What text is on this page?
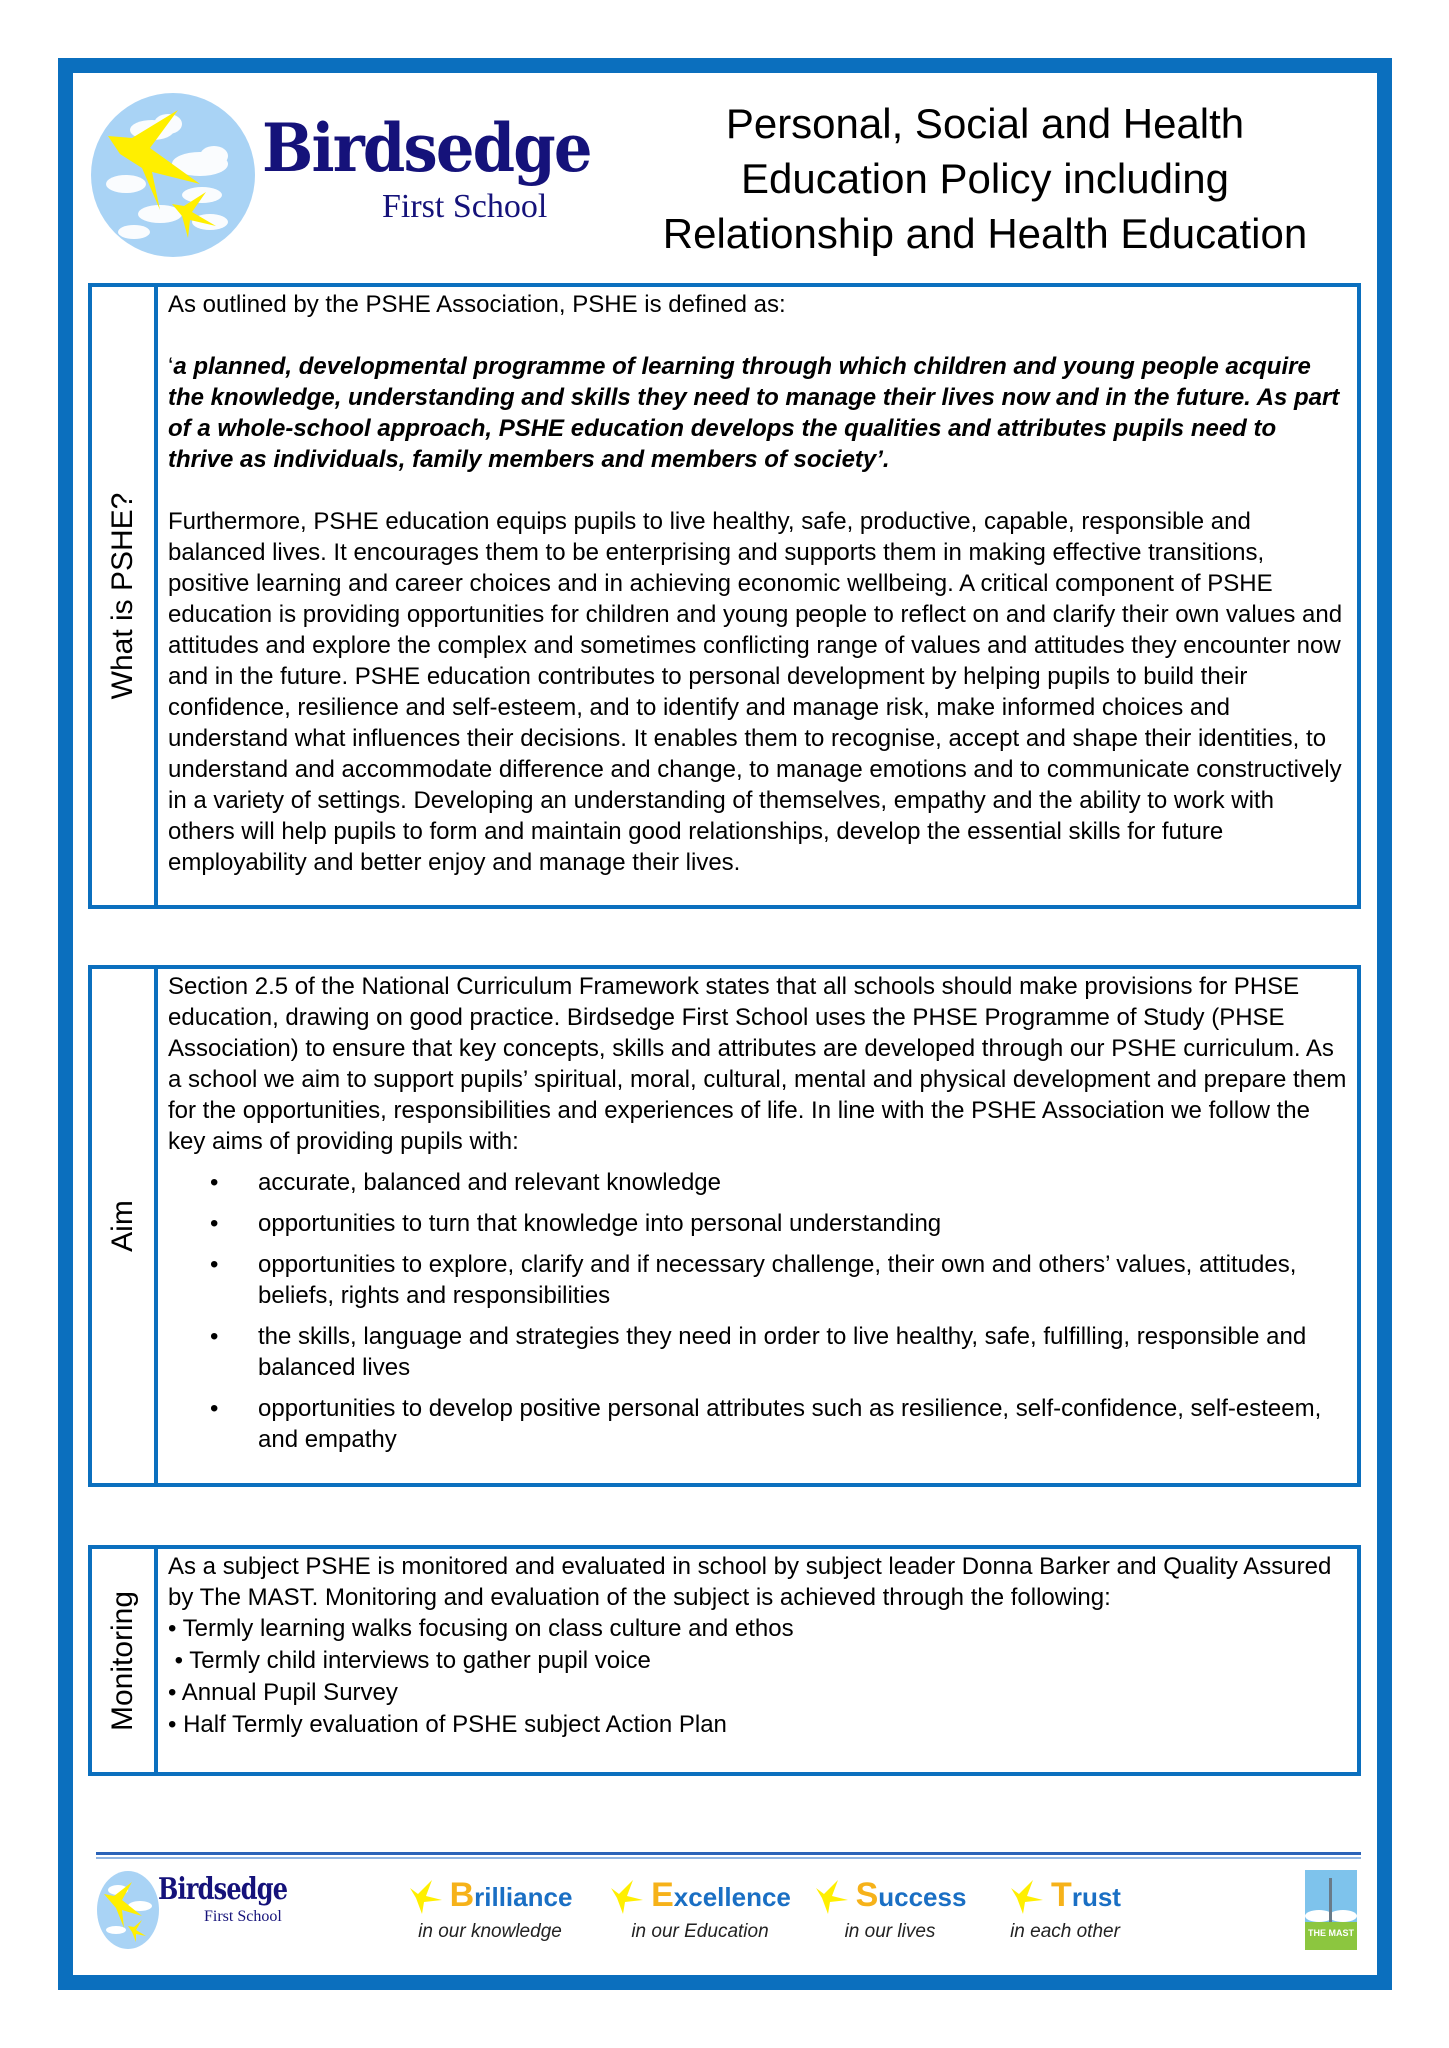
Birdsedge
First School
Personal, Social and Health
Education Policy including
Relationship and Health Education
What is PSHE?

As outlined by the PSHE Association, PSHE is defined as:

‘a planned, developmental programme of learning through which children and young people acquire the knowledge, understanding and skills they need to manage their lives now and in the future. As part of a whole-school approach, PSHE education develops the qualities and attributes pupils need to thrive as individuals, family members and members of society’.

Furthermore, PSHE education equips pupils to live healthy, safe, productive, capable, responsible and balanced lives. It encourages them to be enterprising and supports them in making effective transitions, positive learning and career choices and in achieving economic wellbeing. A critical component of PSHE education is providing opportunities for children and young people to reflect on and clarify their own values and attitudes and explore the complex and sometimes conflicting range of values and attitudes they encounter now and in the future. PSHE education contributes to personal development by helping pupils to build their confidence, resilience and self-esteem, and to identify and manage risk, make informed choices and understand what influences their decisions. It enables them to recognise, accept and shape their identities, to understand and accommodate difference and change, to manage emotions and to communicate constructively in a variety of settings. Developing an understanding of themselves, empathy and the ability to work with others will help pupils to form and maintain good relationships, develop the essential skills for future employability and better enjoy and manage their lives.

Aim

Section 2.5 of the National Curriculum Framework states that all schools should make provisions for PHSE education, drawing on good practice. Birdsedge First School uses the PHSE Programme of Study (PHSE Association) to ensure that key concepts, skills and attributes are developed through our PSHE curriculum. As a school we aim to support pupils’ spiritual, moral, cultural, mental and physical development and prepare them for the opportunities, responsibilities and experiences of life. In line with the PSHE Association we follow the key aims of providing pupils with:

• accurate, balanced and relevant knowledge
• opportunities to turn that knowledge into personal understanding
• opportunities to explore, clarify and if necessary challenge, their own and others’ values, attitudes, beliefs, rights and responsibilities
• the skills, language and strategies they need in order to live healthy, safe, fulfilling, responsible and balanced lives
• opportunities to develop positive personal attributes such as resilience, self-confidence, self-esteem, and empathy
Monitoring

As a subject PSHE is monitored and evaluated in school by subject leader Donna Barker and Quality Assured by The MAST. Monitoring and evaluation of the subject is achieved through the following:

• Termly learning walks focusing on class culture and ethos
• Termly child interviews to gather pupil voice
• Annual Pupil Survey
• Half Termly evaluation of PSHE subject Action Plan
Birdsedge
First School
Brilliance
in our knowledge
Excellence
in our Education
Success
in our lives
Trust
in each other	THE MAST
